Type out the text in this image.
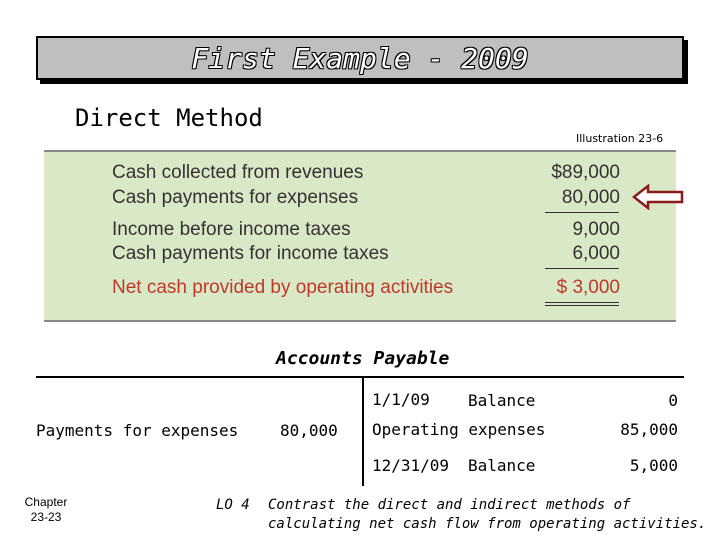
First Example - 2009
Direct Method
Illustration 23-6
Cash collected from revenues	$89,000
Cash payments for expenses	80,000
Income before income taxes	9,000
Cash payments for income taxes	6,000
Net cash provided by operating activities	$ 3,000
Accounts Payable
Payments for expenses	80,000
1/1/09 Balance	0
Operating expenses	85,000
12/31/09 Balance	5,000
Chapter
23-23
LO 4 Contrast the direct and indirect methods of calculating net cash flow from operating activities.
